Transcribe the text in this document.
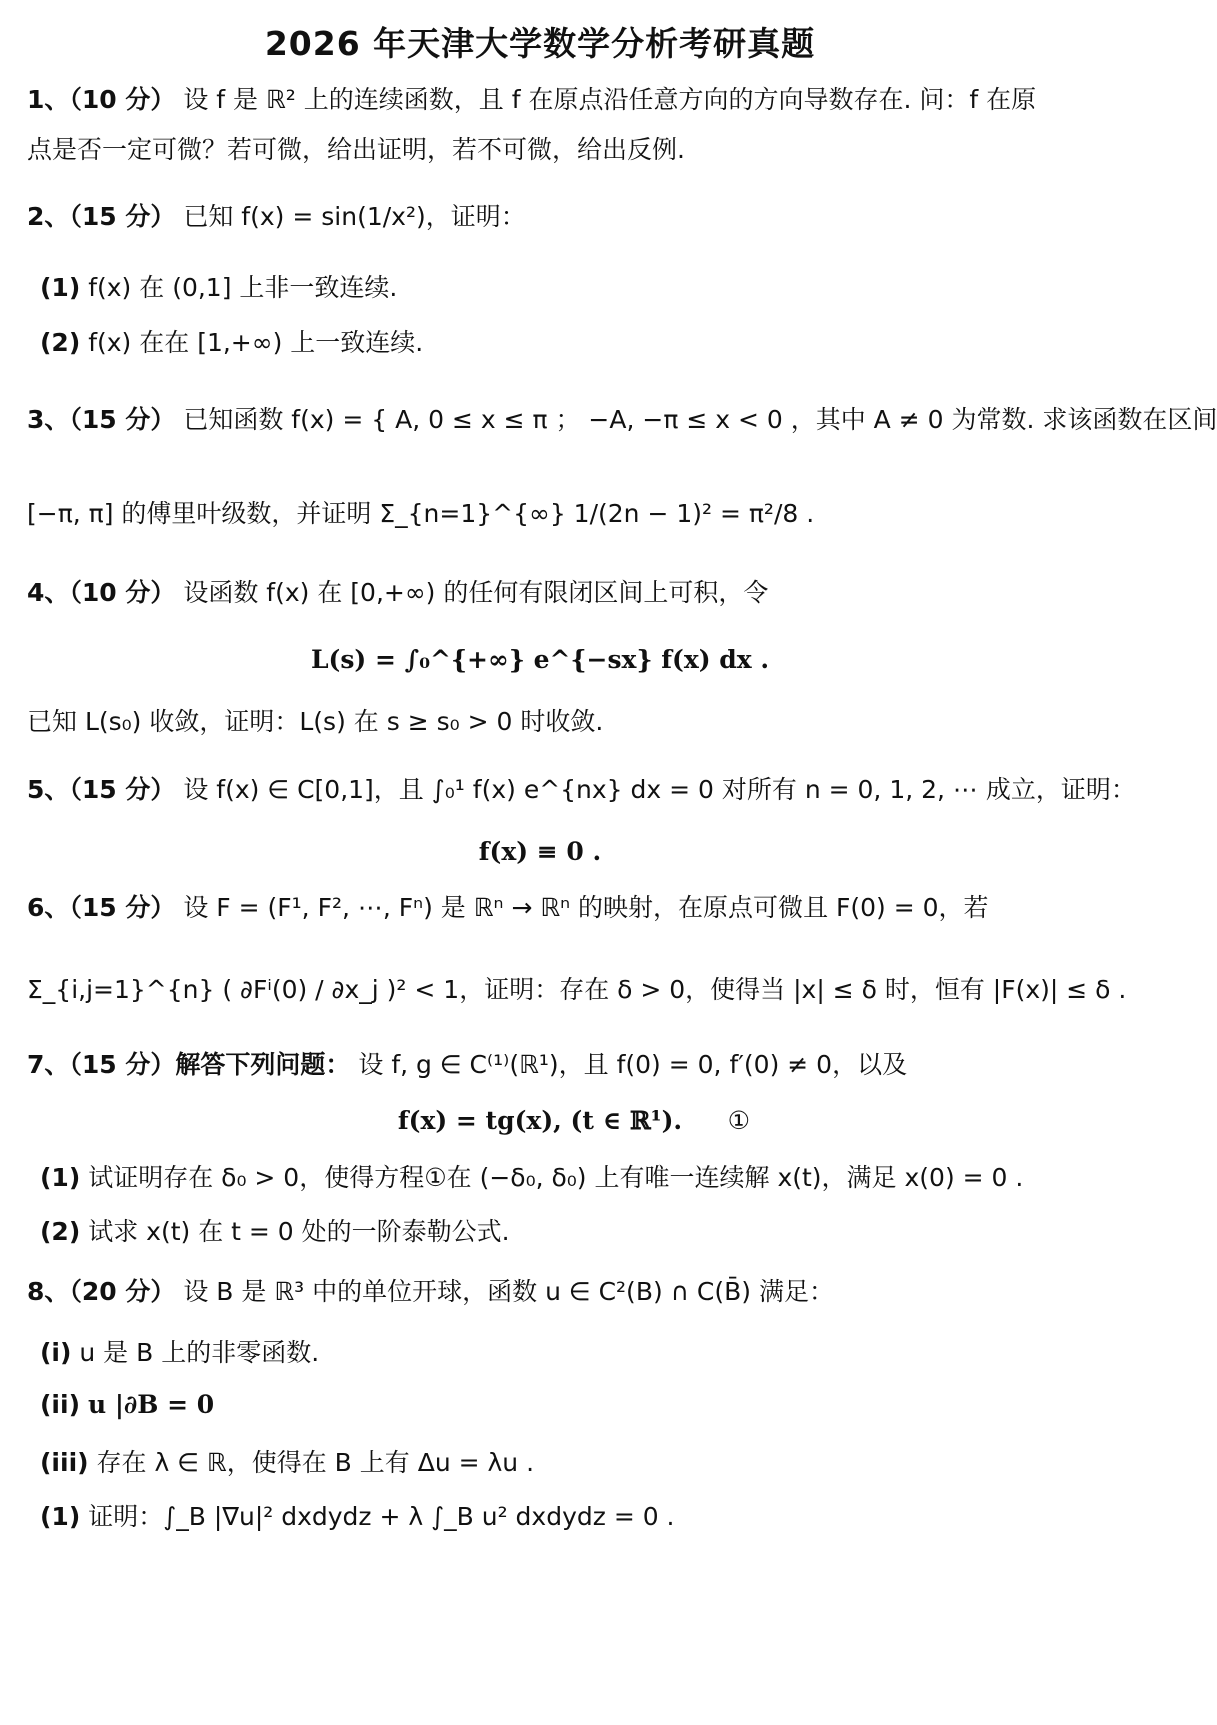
2026 年天津大学数学分析考研真题
1、（10 分） 设 f 是 ℝ² 上的连续函数，且 f 在原点沿任意方向的方向导数存在. 问：f 在原
点是否一定可微？若可微，给出证明，若不可微，给出反例.
2、（15 分） 已知 f(x) = sin(1/x²)，证明：
(1) f(x) 在 (0,1] 上非一致连续.
(2) f(x) 在在 [1,+∞) 上一致连续.
3、（15 分） 已知函数 f(x) = { A, 0 ≤ x ≤ π ； −A, −π ≤ x < 0 ，其中 A ≠ 0 为常数. 求该函数在区间
[−π, π] 的傅里叶级数，并证明 Σ_{n=1}^{∞} 1/(2n − 1)² = π²/8 .
4、（10 分） 设函数 f(x) 在 [0,+∞) 的任何有限闭区间上可积，令
L(s) = ∫₀^{+∞} e^{−sx} f(x) dx .
已知 L(s₀) 收敛，证明：L(s) 在 s ≥ s₀ > 0 时收敛.
5、（15 分） 设 f(x) ∈ C[0,1]，且 ∫₀¹ f(x) e^{nx} dx = 0 对所有 n = 0, 1, 2, ⋯ 成立，证明：
f(x) ≡ 0 .
6、（15 分） 设 F = (F¹, F², ⋯, Fⁿ) 是 ℝⁿ → ℝⁿ 的映射，在原点可微且 F(0) = 0，若
Σ_{i,j=1}^{n} ( ∂Fⁱ(0) / ∂x_j )² < 1，证明：存在 δ > 0，使得当 |x| ≤ δ 时，恒有 |F(x)| ≤ δ .
7、（15 分）解答下列问题： 设 f, g ∈ C⁽¹⁾(ℝ¹)，且 f(0) = 0, f′(0) ≠ 0，以及
f(x) = tg(x), (t ∈ ℝ¹).	①
(1) 试证明存在 δ₀ > 0，使得方程①在 (−δ₀, δ₀) 上有唯一连续解 x(t)，满足 x(0) = 0 .
(2) 试求 x(t) 在 t = 0 处的一阶泰勒公式.
8、（20 分） 设 B 是 ℝ³ 中的单位开球，函数 u ∈ C²(B) ∩ C(B̄) 满足：
(i) u 是 B 上的非零函数.
(ii) u |∂B = 0
(iii) 存在 λ ∈ ℝ，使得在 B 上有 Δu = λu .
(1) 证明：∫_B |∇u|² dxdydz + λ ∫_B u² dxdydz = 0 .
